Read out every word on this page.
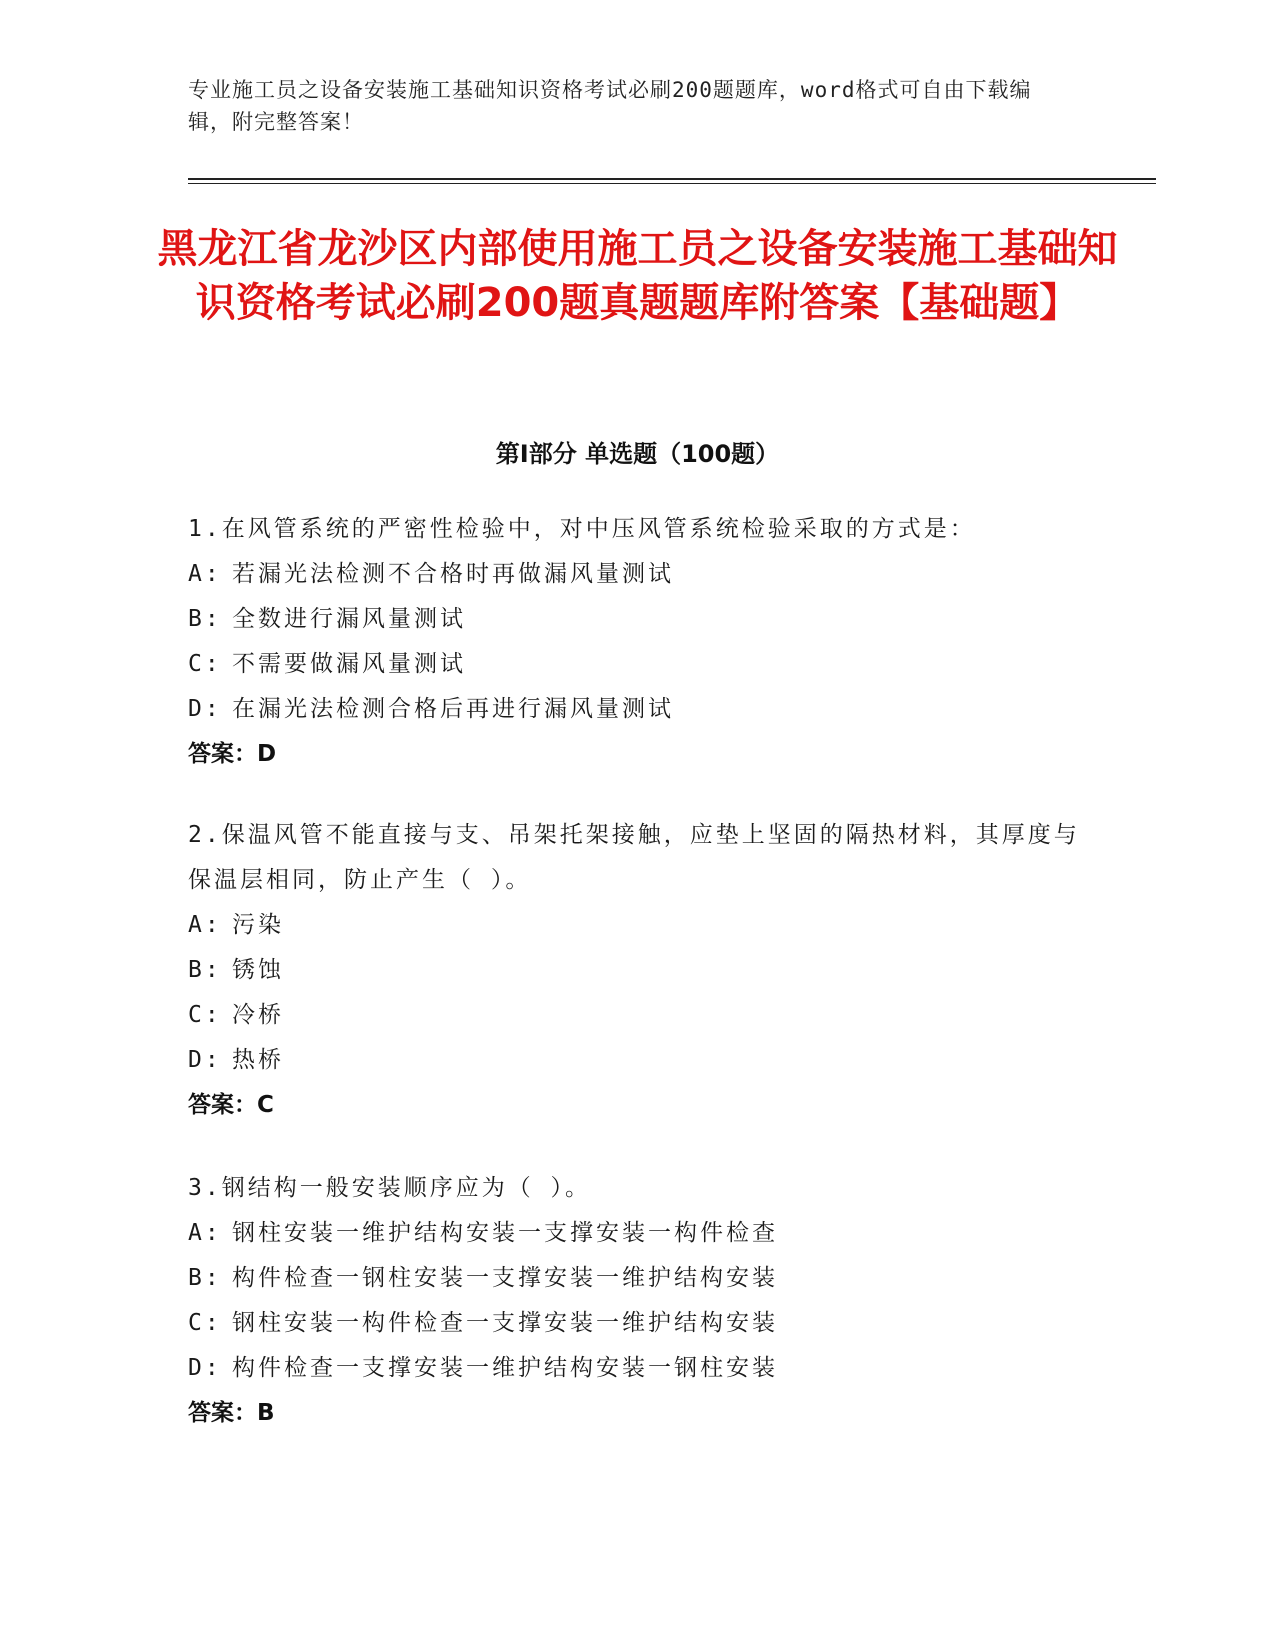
专业施工员之设备安装施工基础知识资格考试必刷200题题库，word格式可自由下载编辑，附完整答案！
黑龙江省龙沙区内部使用施工员之设备安装施工基础知识资格考试必刷200题真题题库附答案【基础题】
第I部分 单选题（100题）
1.在风管系统的严密性检验中，对中压风管系统检验采取的方式是：
A: 若漏光法检测不合格时再做漏风量测试
B: 全数进行漏风量测试
C: 不需要做漏风量测试
D: 在漏光法检测合格后再进行漏风量测试
答案：D
2.保温风管不能直接与支、吊架托架接触，应垫上坚固的隔热材料，其厚度与保温层相同，防止产生（ ）。
A: 污染
B: 锈蚀
C: 冷桥
D: 热桥
答案：C
3.钢结构一般安装顺序应为（ ）。
A: 钢柱安装一维护结构安装一支撑安装一构件检查
B: 构件检查一钢柱安装一支撑安装一维护结构安装
C: 钢柱安装一构件检查一支撑安装一维护结构安装
D: 构件检查一支撑安装一维护结构安装一钢柱安装
答案：B
